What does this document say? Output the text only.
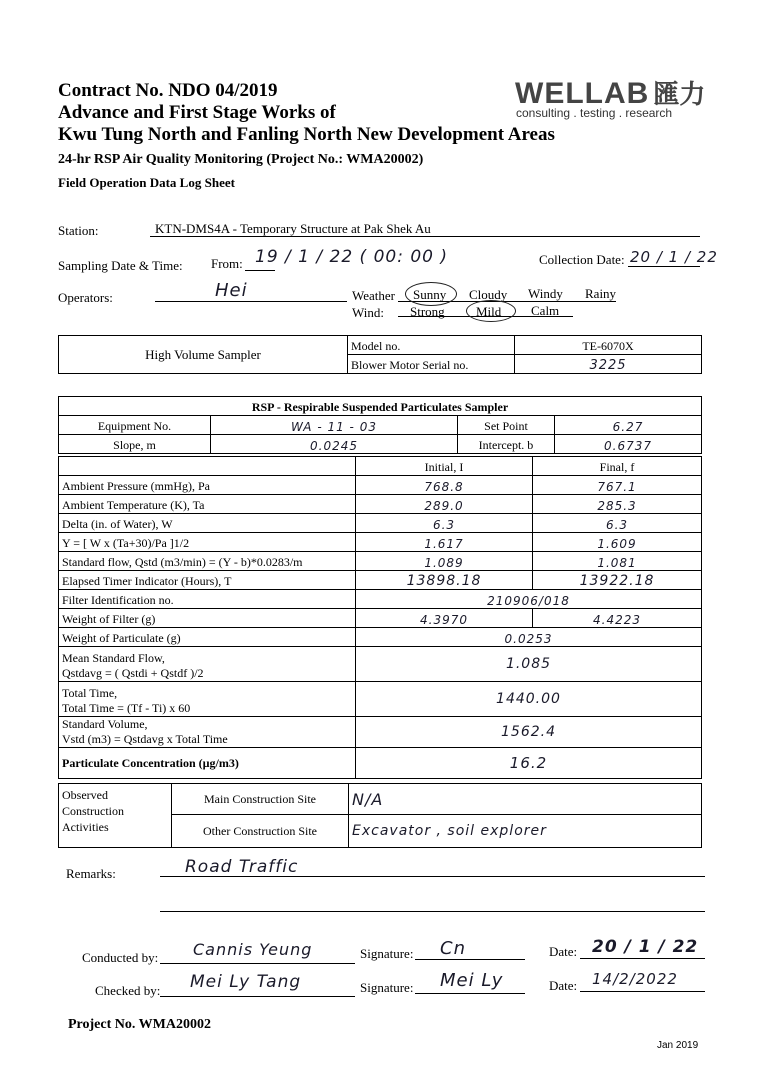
Contract No. NDO 04/2019
Advance and First Stage Works of
Kwu Tung North and Fanling North New Development Areas
24-hr RSP Air Quality Monitoring (Project No.: WMA20002)
Field Operation Data Log Sheet
WELLAB 匯力
consulting . testing . research
Station:	KTN-DMS4A - Temporary Structure at Pak Shek Au
Sampling Date & Time: From: 19 / 1 / 22 ( 00: 00 )	Collection Date: 20 / 1 / 22
Operators:	Hei	Weather Sunny Cloudy Windy Rainy
Wind: Strong Mild Calm
High Volume Sampler	Model no.	TE-6070X
	Blower Motor Serial no.	3225
RSP - Respirable Suspended Particulates Sampler			
Equipment No.	WA - 11 - 03	Set Point	6.27
Slope, m	0.0245	Intercept. b	0.6737
	Initial, I	Final, f
Ambient Pressure (mmHg), Pa	768.8	767.1
Ambient Temperature (K), Ta	289.0	285.3
Delta (in. of Water), W	6.3	6.3
Y = [ W x (Ta+30)/Pa ]1/2	1.617	1.609
Standard flow, Qstd (m3/min) = (Y - b)*0.0283/m	1.089	1.081
Elapsed Timer Indicator (Hours), T	13898.18	13922.18
Filter Identification no.	210906/018	
Weight of Filter (g)	4.3970	4.4223
Weight of Particulate (g)	0.0253	

Mean Standard Flow,
Qstdavg = ( Qstdi + Qstdf )/2	1.085	

Total Time,
Total Time = (Tf - Ti) x 60	1440.00	

Standard Volume,
Vstd (m3) = Qstdavg x Total Time	1562.4	
Particulate Concentration (µg/m3)	16.2	
Observed Construction Activities	Main Construction Site	N/A
	Other Construction Site	Excavator , soil explorer
Remarks:	Road Traffic
Conducted by: Cannis Yeung	Signature: Cn	Date: 20 / 1 / 22
Checked by: Mei Ly Tang	Signature: Mei Ly	Date: 14/2/2022
Project No. WMA20002
Jan 2019
